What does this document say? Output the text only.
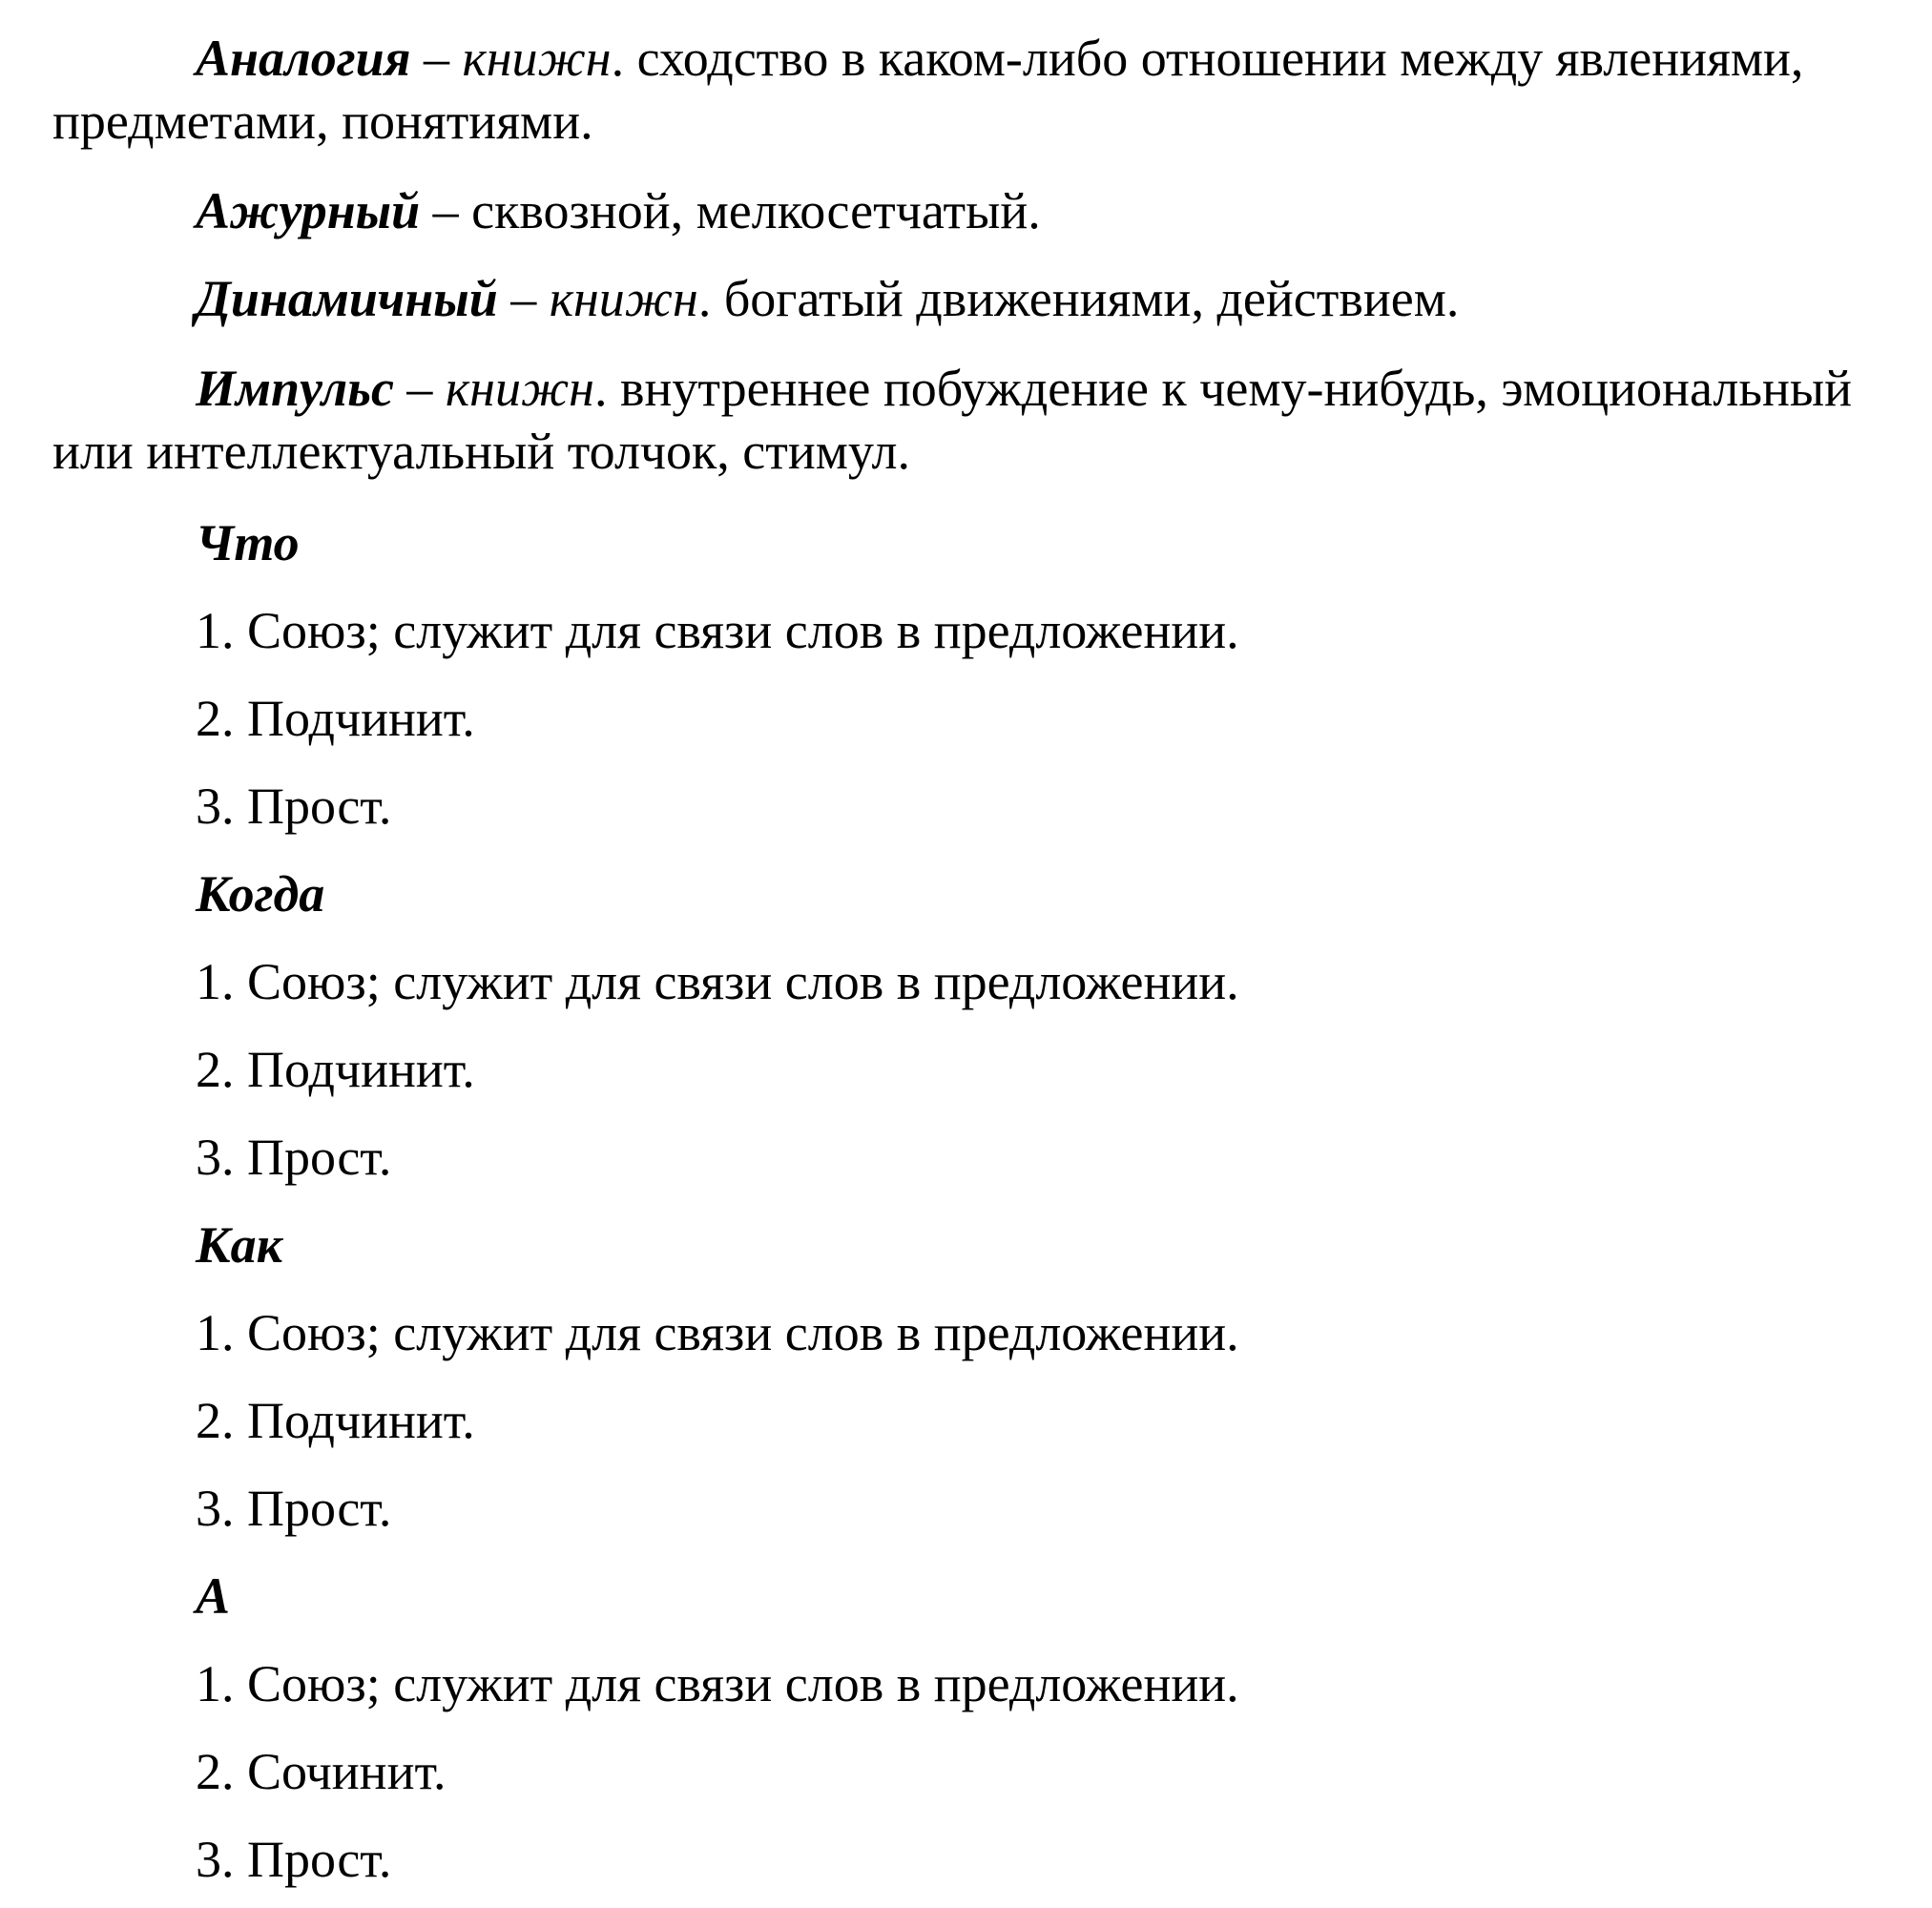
Аналогия – книжн. сходство в каком-либо отношении между явлениями, предметами, понятиями.

Ажурный – сквозной, мелкосетчатый.

Динамичный – книжн. богатый движениями, действием.

Импульс – книжн. внутреннее побуждение к чему-нибудь, эмоциональный или интеллектуальный толчок, стимул.

Что

1. Союз; служит для связи слов в предложении.

2. Подчинит.

3. Прост.

Когда

1. Союз; служит для связи слов в предложении.

2. Подчинит.

3. Прост.

Как

1. Союз; служит для связи слов в предложении.

2. Подчинит.

3. Прост.

А

1. Союз; служит для связи слов в предложении.

2. Сочинит.

3. Прост.
